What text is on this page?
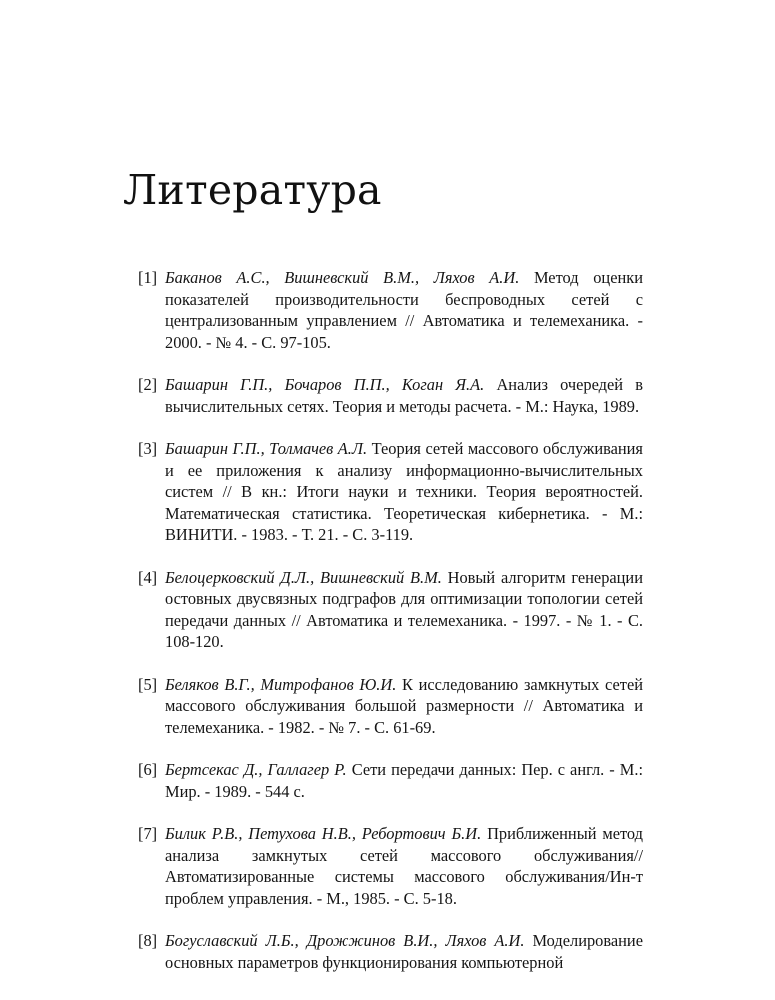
Литература
[1] Баканов А.С., Вишневский В.М., Ляхов А.И. Метод оценки показателей производительности беспроводных сетей с централизованным управлением // Автоматика и телемеханика. - 2000. - № 4. - С. 97-105.
[2] Башарин Г.П., Бочаров П.П., Коган Я.А. Анализ очередей в вычислительных сетях. Теория и методы расчета. - М.: Наука, 1989.
[3] Башарин Г.П., Толмачев А.Л. Теория сетей массового обслуживания и ее приложения к анализу информационно-вычислительных систем // В кн.: Итоги науки и техники. Теория вероятностей. Математическая статистика. Теоретическая кибернетика. - М.: ВИНИТИ. - 1983. - Т. 21. - С. 3-119.
[4] Белоцерковский Д.Л., Вишневский В.М. Новый алгоритм генерации остовных двусвязных подграфов для оптимизации топологии сетей передачи данных // Автоматика и телемеханика. - 1997. - № 1. - С. 108-120.
[5] Беляков В.Г., Митрофанов Ю.И. К исследованию замкнутых сетей массового обслуживания большой размерности // Автоматика и телемеханика. - 1982. - № 7. - С. 61-69.
[6] Бертсекас Д., Галлагер Р. Сети передачи данных: Пер. с англ. - М.: Мир. - 1989. - 544 с.
[7] Билик Р.В., Петухова Н.В., Ребортович Б.И. Приближенный метод анализа замкнутых сетей массового обслуживания// Автоматизированные системы массового обслуживания/Ин-т проблем управления. - М., 1985. - С. 5-18.
[8] Богуславский Л.Б., Дрожжинов В.И., Ляхов А.И. Моделирование основных параметров функционирования компьютерной
